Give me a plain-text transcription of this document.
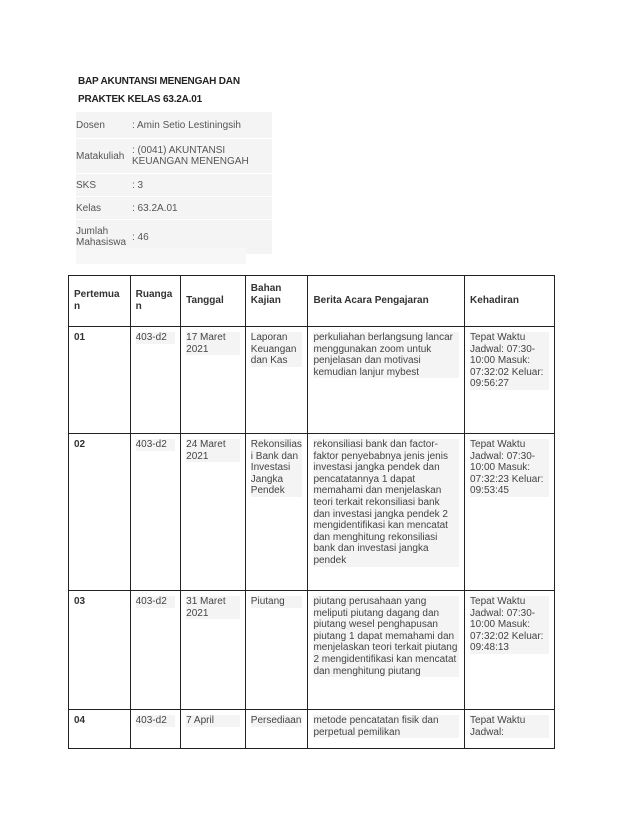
BAP AKUNTANSI MENENGAH DAN
PRAKTEK KELAS 63.2A.01
Dosen	: Amin Setio Lestiningsih
Matakuliah : (0041) AKUNTANSI KEUANGAN MENENGAH
SKS	: 3
Kelas	: 63.2A.01
Jumlah Mahasiswa : 46
Pertemuan	Ruangan	Tanggal	Bahan Kajian	Berita Acara Pengajaran	Kehadiran
01	403-d2	17 Maret 2021	Laporan Keuangan dan Kas	perkuliahan berlangsung lancar menggunakan zoom untuk penjelasan dan motivasi kemudian lanjur mybest	Tepat Waktu Jadwal: 07:30-10:00 Masuk: 07:32:02 Keluar: 09:56:27

02	403-d2	24 Maret 2021	Rekonsilias i Bank dan Investasi Jangka Pendek	rekonsiliasi bank dan factor-faktor penyebabnya jenis jenis investasi jangka pendek dan pencatatannya 1 dapat memahami dan menjelaskan teori terkait rekonsiliasi bank dan investasi jangka pendek 2 mengidentifikasi kan mencatat dan menghitung rekonsiliasi bank dan investasi jangka pendek	Tepat Waktu Jadwal: 07:30-10:00 Masuk: 07:32:23 Keluar: 09:53:45

03	403-d2	31 Maret 2021	Piutang	piutang perusahaan yang meliputi piutang dagang dan piutang wesel penghapusan piutang 1 dapat memahami dan menjelaskan teori terkait piutang 2 mengidentifikasi kan mencatat dan menghitung piutang	Tepat Waktu Jadwal: 07:30-10:00 Masuk: 07:32:02 Keluar: 09:48:13

04	403-d2	7 April	Persediaan	metode pencatatan fisik dan perpetual pemilikan	Tepat Waktu Jadwal:
